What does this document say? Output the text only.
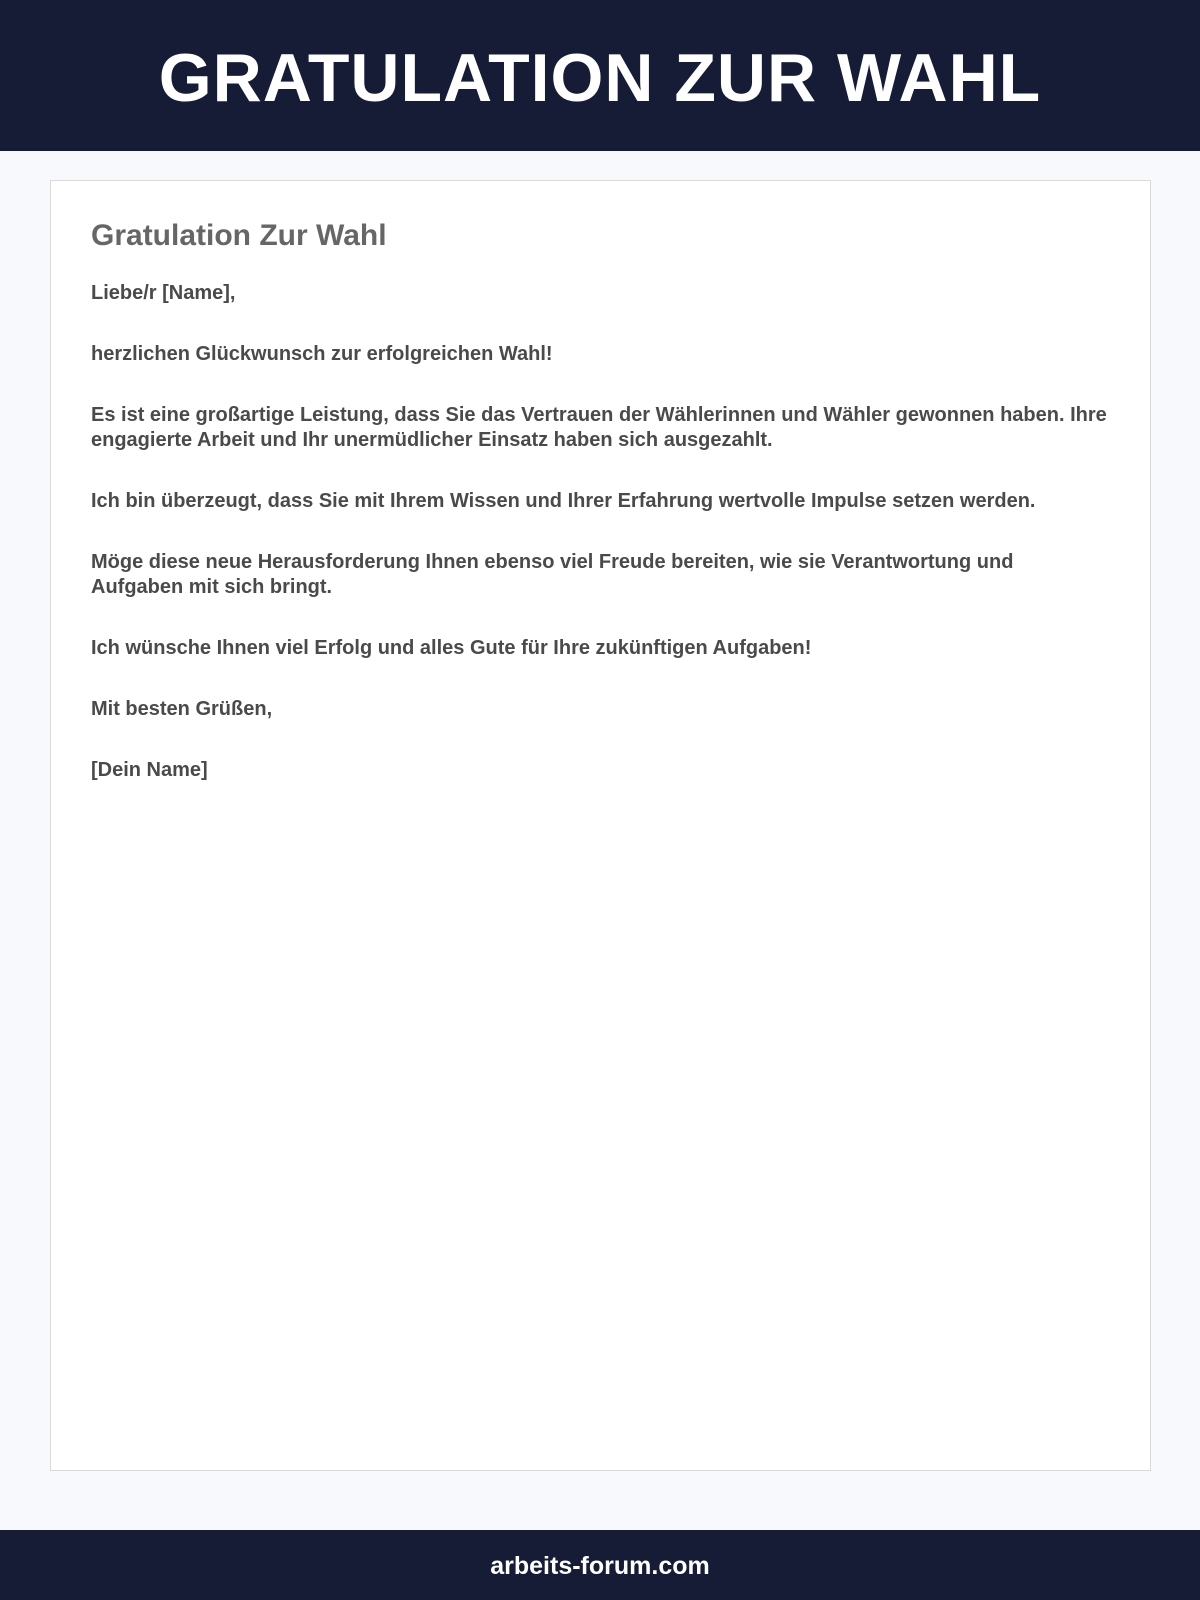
GRATULATION ZUR WAHL
Gratulation Zur Wahl

Liebe/r [Name],

herzlichen Glückwunsch zur erfolgreichen Wahl!

Es ist eine großartige Leistung, dass Sie das Vertrauen der Wählerinnen und Wähler gewonnen haben. Ihre engagierte Arbeit und Ihr unermüdlicher Einsatz haben sich ausgezahlt.

Ich bin überzeugt, dass Sie mit Ihrem Wissen und Ihrer Erfahrung wertvolle Impulse setzen werden.

Möge diese neue Herausforderung Ihnen ebenso viel Freude bereiten, wie sie Verantwortung und Aufgaben mit sich bringt.

Ich wünsche Ihnen viel Erfolg und alles Gute für Ihre zukünftigen Aufgaben!

Mit besten Grüßen,

[Dein Name]

arbeits-forum.com
